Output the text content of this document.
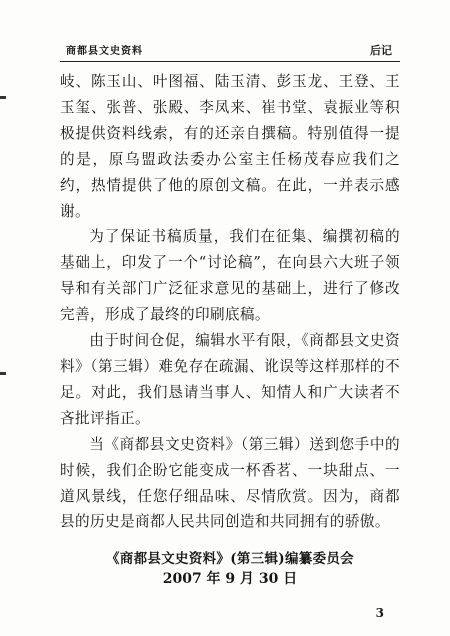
商都县文史资料	后记

岐、陈玉山、叶图福、陆玉清、彭玉龙、王登、王玉玺、张普、张殿、李凤来、崔书堂、袁振业等积极提供资料线索，有的还亲自撰稿。特别值得一提的是，原乌盟政法委办公室主任杨茂春应我们之约，热情提供了他的原创文稿。在此，一并表示感谢。

为了保证书稿质量，我们在征集、编撰初稿的基础上，印发了一个“讨论稿”，在向县六大班子领导和有关部门广泛征求意见的基础上，进行了修改完善，形成了最终的印刷底稿。

由于时间仓促，编辑水平有限，《商都县文史资料》（第三辑）难免存在疏漏、讹误等这样那样的不足。对此，我们恳请当事人、知情人和广大读者不吝批评指正。

当《商都县文史资料》（第三辑）送到您手中的时候，我们企盼它能变成一杯香茗、一块甜点、一道风景线，任您仔细品味、尽情欣赏。因为，商都县的历史是商都人民共同创造和共同拥有的骄傲。

《商都县文史资料》(第三辑)编纂委员会
2007 年 9 月 30 日
3
